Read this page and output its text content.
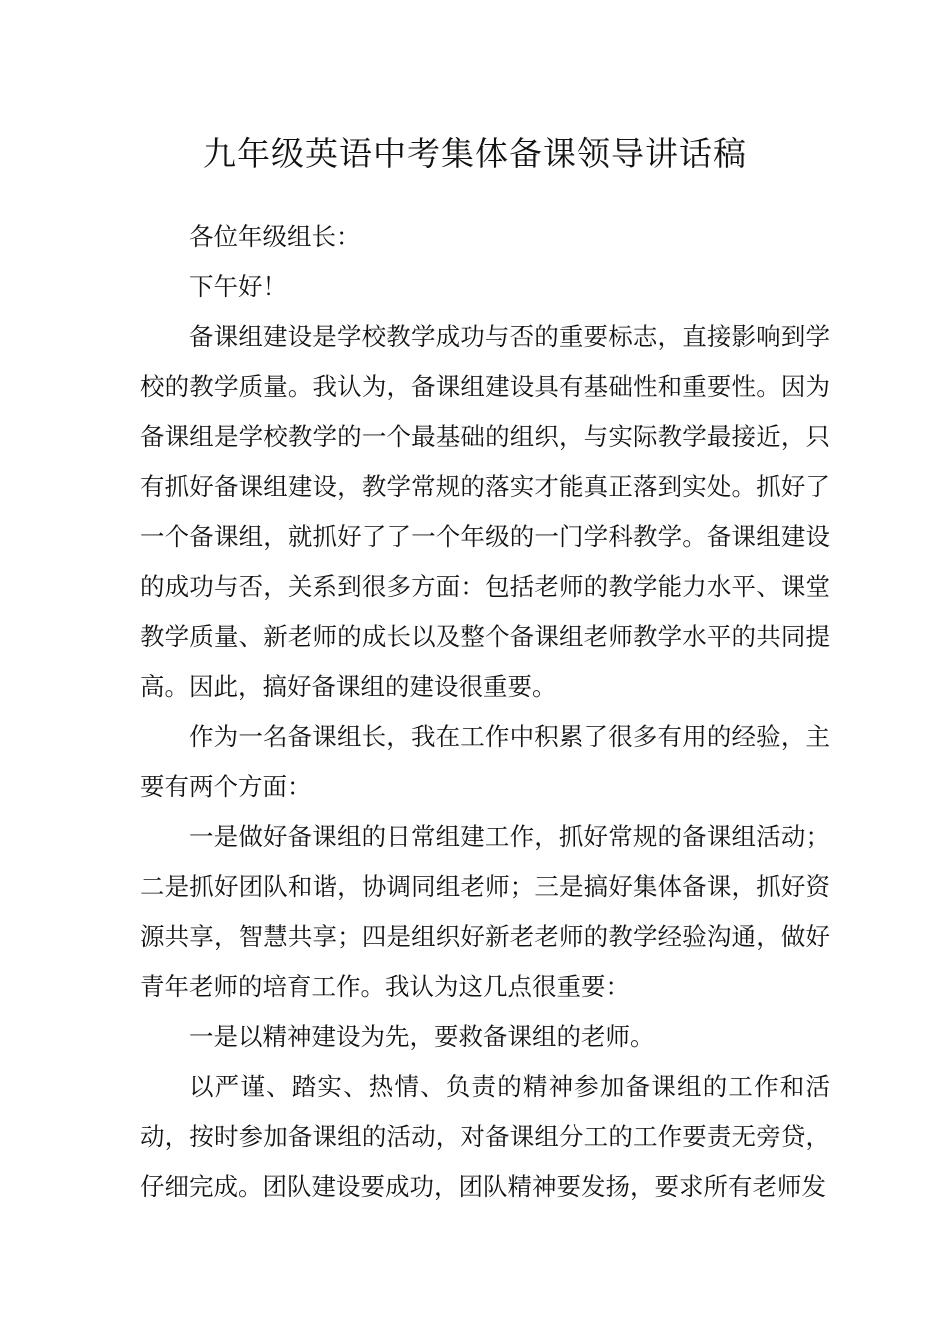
九年级英语中考集体备课领导讲话稿

各位年级组长：

下午好！

备课组建设是学校教学成功与否的重要标志，直接影响到学校的教学质量。我认为，备课组建设具有基础性和重要性。因为备课组是学校教学的一个最基础的组织，与实际教学最接近，只有抓好备课组建设，教学常规的落实才能真正落到实处。抓好了一个备课组，就抓好了了一个年级的一门学科教学。备课组建设的成功与否，关系到很多方面：包括老师的教学能力水平、课堂教学质量、新老师的成长以及整个备课组老师教学水平的共同提高。因此，搞好备课组的建设很重要。

作为一名备课组长，我在工作中积累了很多有用的经验，主要有两个方面：

一是做好备课组的日常组建工作，抓好常规的备课组活动；二是抓好团队和谐，协调同组老师；三是搞好集体备课，抓好资源共享，智慧共享；四是组织好新老老师的教学经验沟通，做好青年老师的培育工作。我认为这几点很重要：

一是以精神建设为先，要救备课组的老师。

以严谨、踏实、热情、负责的精神参加备课组的工作和活动，按时参加备课组的活动，对备课组分工的工作要责无旁贷，仔细完成。团队建设要成功，团队精神要发扬，要求所有老师发
